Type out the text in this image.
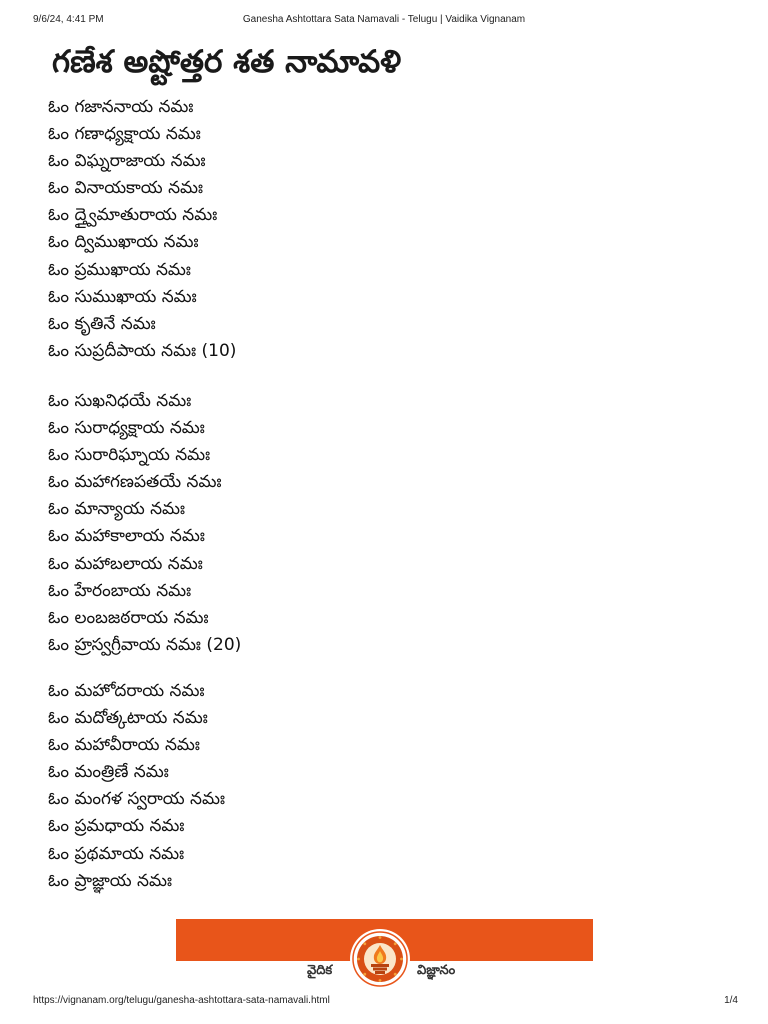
9/6/24, 4:41 PM	Ganesha Ashtottara Sata Namavali - Telugu | Vaidika Vignanam
గణేశ అష్టోత్తర శత నామావళి
ఓం గజాననాయ నమః
ఓం గణాధ్యక్షాయ నమః
ఓం విఘ్నరాజాయ నమః
ఓం వినాయకాయ నమః
ఓం ద్త్వైమాతురాయ నమః
ఓం ద్విముఖాయ నమః
ఓం ప్రముఖాయ నమః
ఓం సుముఖాయ నమః
ఓం కృతినే నమః
ఓం సుప్రదీపాయ నమః (10)
ఓం సుఖనిధయే నమః
ఓం సురాధ్యక్షాయ నమః
ఓం సురారిఘ్నాయ నమః
ఓం మహాగణపతయే నమః
ఓం మాన్యాయ నమః
ఓం మహాకాలాయ నమః
ఓం మహాబలాయ నమః
ఓం హేరంబాయ నమః
ఓం లంబజఠరాయ నమః
ఓం హ్రస్వగ్రీవాయ నమః (20)
ఓం మహోదరాయ నమః
ఓం మదోత్కటాయ నమః
ఓం మహావీరాయ నమః
ఓం మంత్రిణే నమః
ఓం మంగళ స్వరాయ నమః
ఓం ప్రమధాయ నమః
ఓం ప్రథమాయ నమః
ఓం ప్రాజ్ఞాయ నమః
వైదిక	విజ్ఞానం
https://vignanam.org/telugu/ganesha-ashtottara-sata-namavali.html	1/4
